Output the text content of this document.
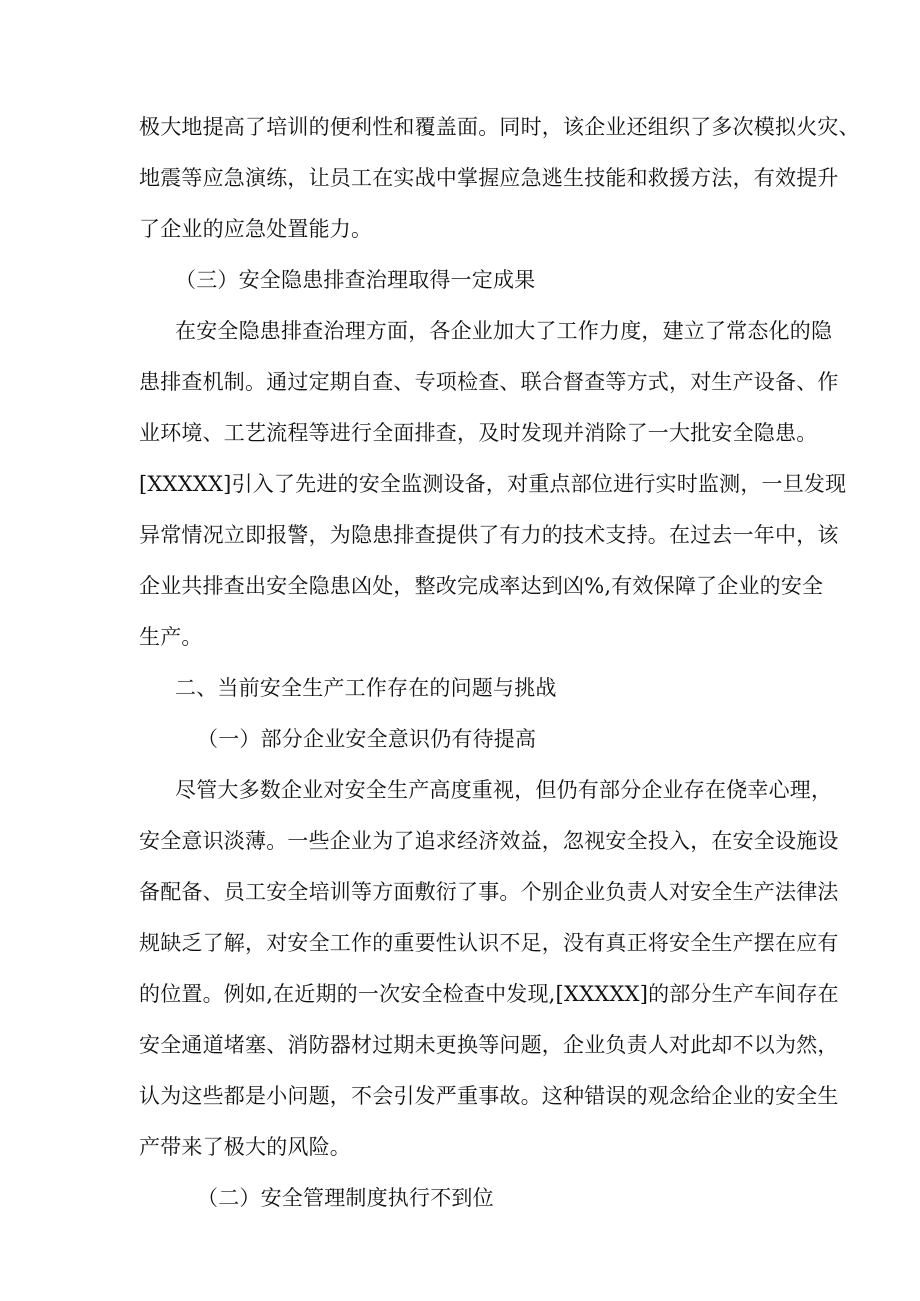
极大地提高了培训的便利性和覆盖面。同时，该企业还组织了多次模拟火灾、
地震等应急演练，让员工在实战中掌握应急逃生技能和救援方法，有效提升
了企业的应急处置能力。
（三）安全隐患排查治理取得一定成果
在安全隐患排查治理方面，各企业加大了工作力度，建立了常态化的隐
患排查机制。通过定期自查、专项检查、联合督查等方式，对生产设备、作
业环境、工艺流程等进行全面排查，及时发现并消除了一大批安全隐患。
[XXXXX]引入了先进的安全监测设备，对重点部位进行实时监测，一旦发现
异常情况立即报警，为隐患排查提供了有力的技术支持。在过去一年中，该
企业共排查出安全隐患凶处，整改完成率达到凶%,有效保障了企业的安全
生产。
二、当前安全生产工作存在的问题与挑战
（一）部分企业安全意识仍有待提高
尽管大多数企业对安全生产高度重视，但仍有部分企业存在侥幸心理，
安全意识淡薄。一些企业为了追求经济效益，忽视安全投入，在安全设施设
备配备、员工安全培训等方面敷衍了事。个别企业负责人对安全生产法律法
规缺乏了解，对安全工作的重要性认识不足，没有真正将安全生产摆在应有
的位置。例如,在近期的一次安全检查中发现,[XXXXX]的部分生产车间存在
安全通道堵塞、消防器材过期未更换等问题，企业负责人对此却不以为然，
认为这些都是小问题，不会引发严重事故。这种错误的观念给企业的安全生
产带来了极大的风险。
（二）安全管理制度执行不到位
